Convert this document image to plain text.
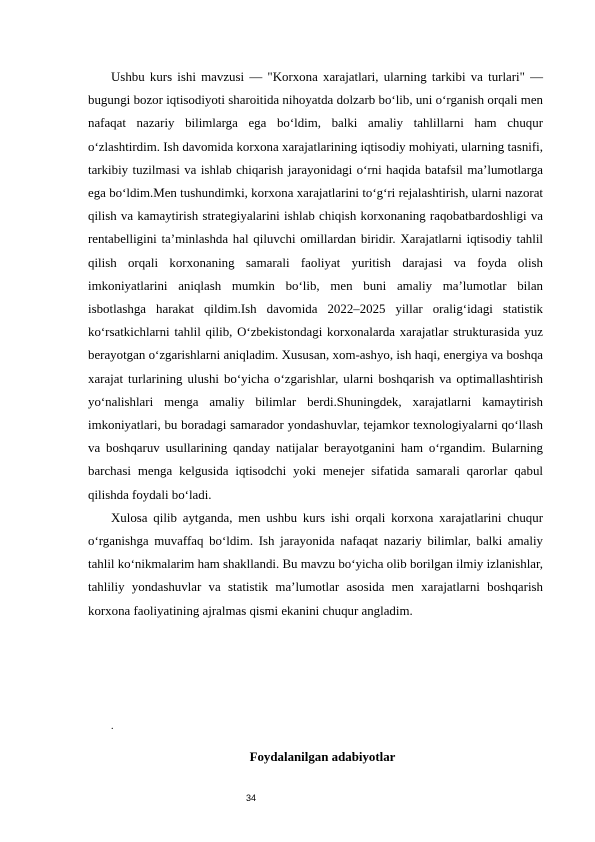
Ushbu kurs ishi mavzusi — "Korxona xarajatlari, ularning tarkibi va turlari" — bugungi bozor iqtisodiyoti sharoitida nihoyatda dolzarb bo‘lib, uni o‘rganish orqali men nafaqat nazariy bilimlarga ega bo‘ldim, balki amaliy tahlillarni ham chuqur o‘zlashtirdim. Ish davomida korxona xarajatlarining iqtisodiy mohiyati, ularning tasnifi, tarkibiy tuzilmasi va ishlab chiqarish jarayonidagi o‘rni haqida batafsil ma’lumotlarga ega bo‘ldim.Men tushundimki, korxona xarajatlarini to‘g‘ri rejalashtirish, ularni nazorat qilish va kamaytirish strategiyalarini ishlab chiqish korxonaning raqobatbardoshligi va rentabelligini ta’minlashda hal qiluvchi omillardan biridir. Xarajatlarni iqtisodiy tahlil qilish orqali korxonaning samarali faoliyat yuritish darajasi va foyda olish imkoniyatlarini aniqlash mumkin bo‘lib, men buni amaliy ma’lumotlar bilan isbotlashga harakat qildim.Ish davomida 2022–2025 yillar oralig‘idagi statistik ko‘rsatkichlarni tahlil qilib, O‘zbekistondagi korxonalarda xarajatlar strukturasida yuz berayotgan o‘zgarishlarni aniqladim. Xususan, xom-ashyo, ish haqi, energiya va boshqa xarajat turlarining ulushi bo‘yicha o‘zgarishlar, ularni boshqarish va optimallashtirish yo‘nalishlari menga amaliy bilimlar berdi.Shuningdek, xarajatlarni kamaytirish imkoniyatlari, bu boradagi samarador yondashuvlar, tejamkor texnologiyalarni qo‘llash va boshqaruv usullarining qanday natijalar berayotganini ham o‘rgandim. Bularning barchasi menga kelgusida iqtisodchi yoki menejer sifatida samarali qarorlar qabul qilishda foydali bo‘ladi.

Xulosa qilib aytganda, men ushbu kurs ishi orqali korxona xarajatlarini chuqur o‘rganishga muvaffaq bo‘ldim. Ish jarayonida nafaqat nazariy bilimlar, balki amaliy tahlil ko‘nikmalarim ham shakllandi. Bu mavzu bo‘yicha olib borilgan ilmiy izlanishlar, tahliliy yondashuvlar va statistik ma’lumotlar asosida men xarajatlarni boshqarish korxona faoliyatining ajralmas qismi ekanini chuqur angladim.

.
Foydalanilgan adabiyotlar
34
